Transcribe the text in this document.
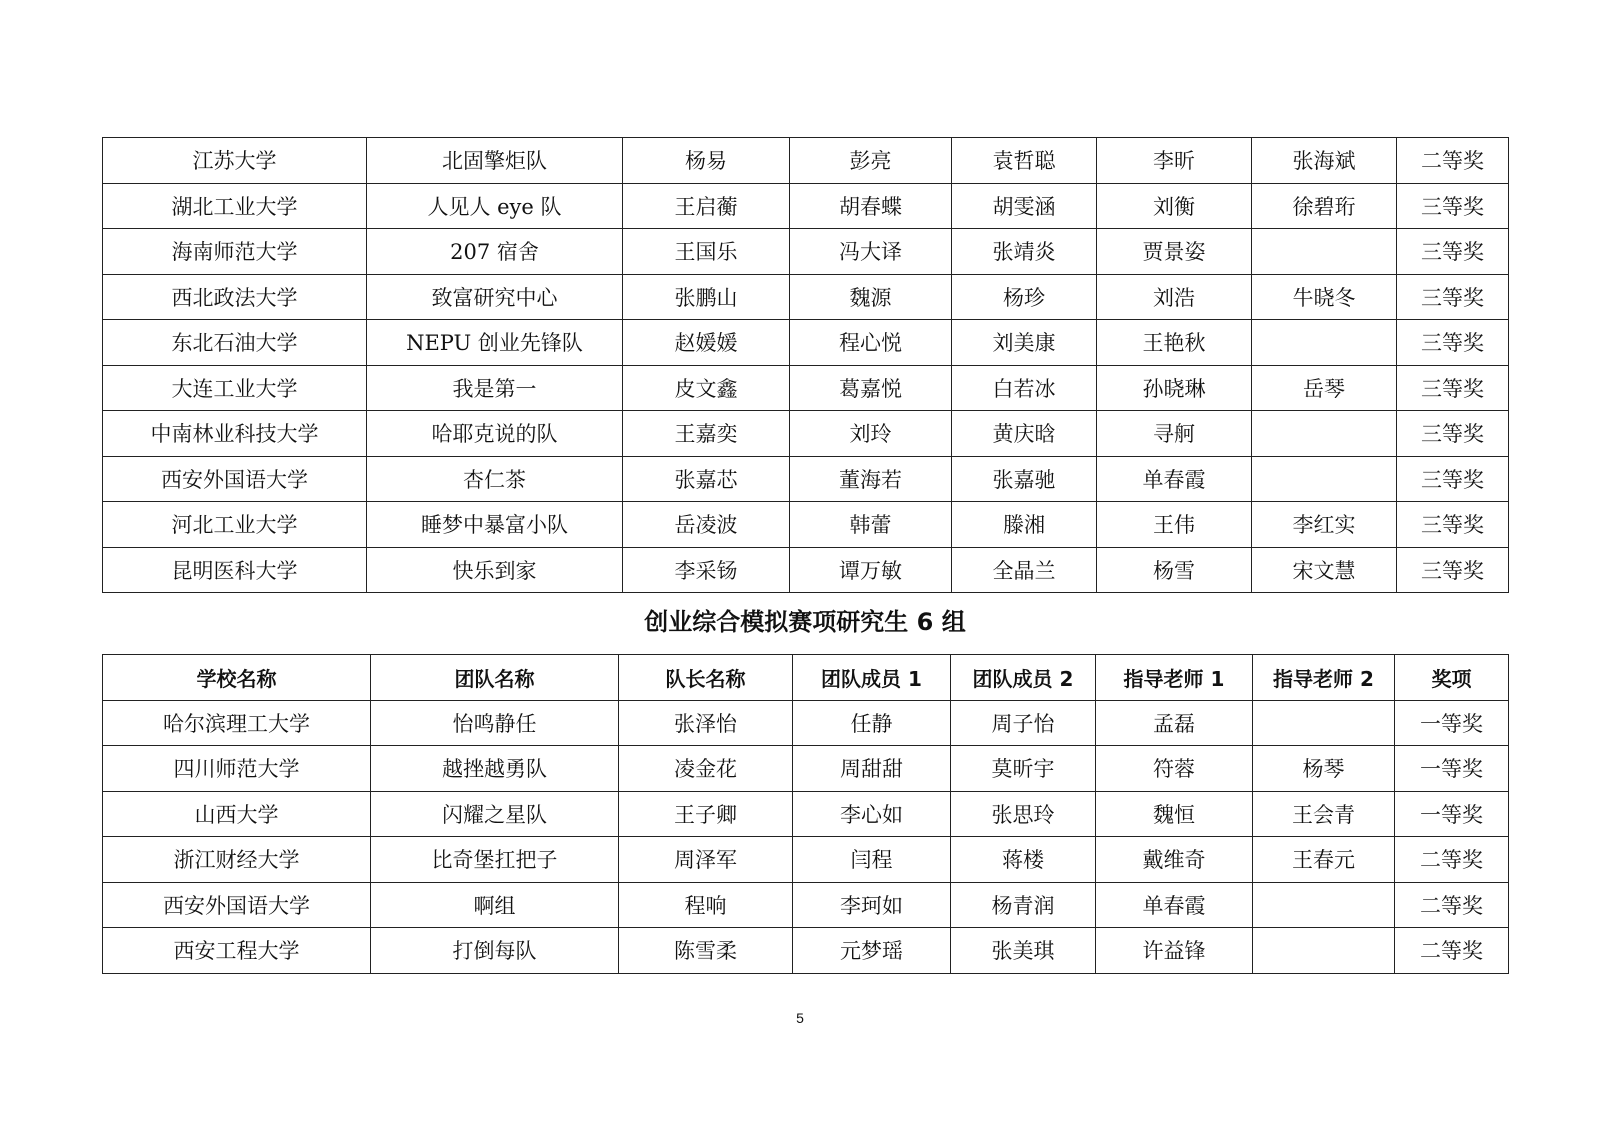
江苏大学	北固擎炬队	杨易	彭亮	袁哲聪	李昕	张海斌	二等奖
湖北工业大学	人见人 eye 队	王启蘅	胡春蝶	胡雯涵	刘衡	徐碧珩	三等奖
海南师范大学	207 宿舍	王国乐	冯大译	张靖炎	贾景姿		三等奖
西北政法大学	致富研究中心	张鹏山	魏源	杨珍	刘浩	牛晓冬	三等奖
东北石油大学	NEPU 创业先锋队	赵媛媛	程心悦	刘美康	王艳秋		三等奖
大连工业大学	我是第一	皮文鑫	葛嘉悦	白若冰	孙晓琳	岳琴	三等奖
中南林业科技大学	哈耶克说的队	王嘉奕	刘玲	黄庆晗	寻舸		三等奖
西安外国语大学	杏仁茶	张嘉芯	董海若	张嘉驰	单春霞		三等奖
河北工业大学	睡梦中暴富小队	岳凌波	韩蕾	滕湘	王伟	李红实	三等奖
昆明医科大学	快乐到家	李采钖	谭万敏	全晶兰	杨雪	宋文慧	三等奖
创业综合模拟赛项研究生 6 组
学校名称	团队名称	队长名称	团队成员 1	团队成员 2	指导老师 1	指导老师 2	奖项
哈尔滨理工大学	怡鸣静任	张泽怡	任静	周子怡	孟磊		一等奖
四川师范大学	越挫越勇队	凌金花	周甜甜	莫昕宇	符蓉	杨琴	一等奖
山西大学	闪耀之星队	王子卿	李心如	张思玲	魏恒	王会青	一等奖
浙江财经大学	比奇堡扛把子	周泽军	闫程	蒋楼	戴维奇	王春元	二等奖
西安外国语大学	啊组	程响	李珂如	杨青润	单春霞		二等奖
西安工程大学	打倒每队	陈雪柔	元梦瑶	张美琪	许益锋		二等奖
5
